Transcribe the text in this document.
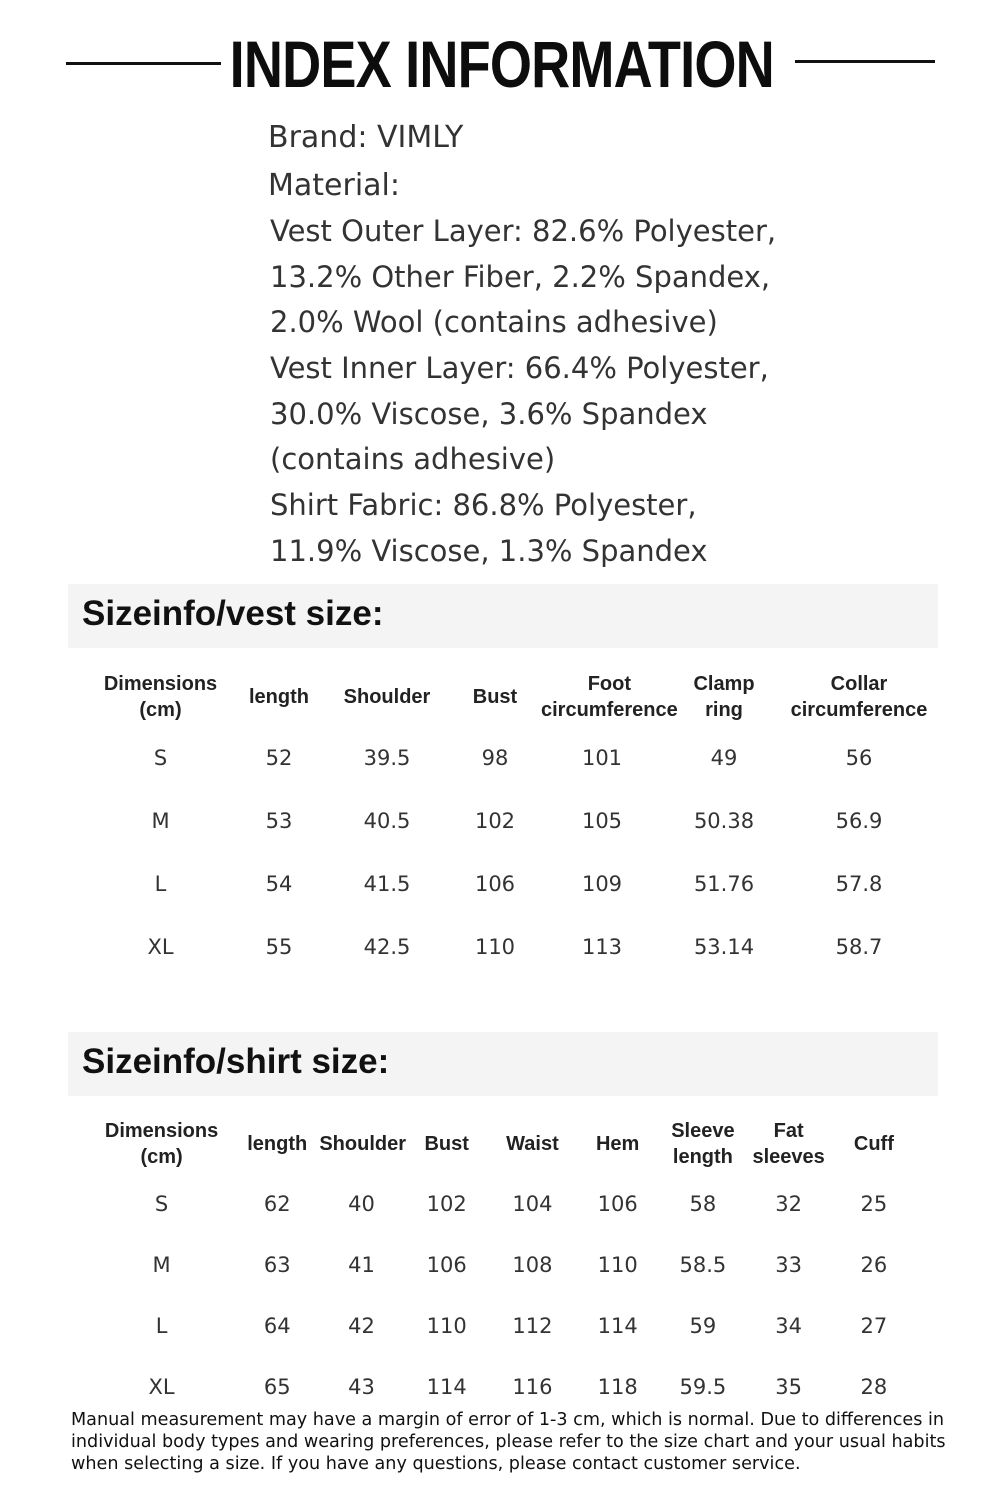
INDEX INFORMATION

Brand: VIMLY

Material:

Vest Outer Layer: 82.6% Polyester,

13.2% Other Fiber, 2.2% Spandex,

2.0% Wool (contains adhesive)

Vest Inner Layer: 66.4% Polyester,

30.0% Viscose, 3.6% Spandex

(contains adhesive)

Shirt Fabric: 86.8% Polyester,

11.9% Viscose, 1.3% Spandex

Sizeinfo/vest size:
Dimensions
(cm)	length	Shoulder	Bust	Foot
circumference	Clamp
ring	Collar
circumference
S	52	39.5	98	101	49	56
M	53	40.5	102	105	50.38	56.9
L	54	41.5	106	109	51.76	57.8
XL	55	42.5	110	113	53.14	58.7
Sizeinfo/shirt size:
Dimensions
(cm)	length	Shoulder	Bust	Waist	Hem	Sleeve
length	Fat
sleeves	Cuff
S	62	40	102	104	106	58	32	25
M	63	41	106	108	110	58.5	33	26
L	64	42	110	112	114	59	34	27
XL	65	43	114	116	118	59.5	35	28

Manual measurement may have a margin of error of 1-3 cm, which is normal. Due to differences in individual body types and wearing preferences, please refer to the size chart and your usual habits when selecting a size. If you have any questions, please contact customer service.
